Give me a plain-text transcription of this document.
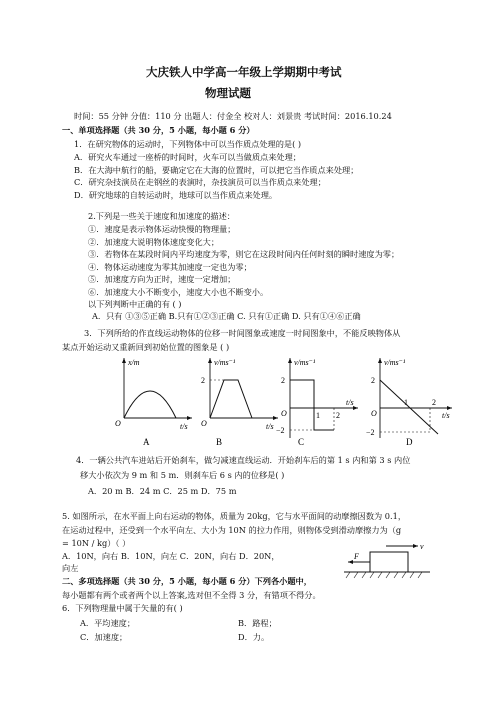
大庆铁人中学高一年级上学期期中考试
物理试题
时间：55 分钟 分值：110 分 出题人：付金全 校对人：刘景贵 考试时间：2016.10.24
一、单项选择题（共 30 分，5 小题，每小题 6 分）
1．在研究物体的运动时，下列物体中可以当作质点处理的是( )
A．研究火车通过一座桥的时间时，火车可以当做质点来处理；
B．在大海中航行的船，要确定它在大海的位置时，可以把它当作质点来处理；
C．研究杂技演员在走钢丝的表演时，杂技演员可以当作质点来处理；
D．研究地球的自转运动时，地球可以当作质点来处理。
2.下列是一些关于速度和加速度的描述：
①．速度是表示物体运动快慢的物理量；
②．加速度大说明物体速度变化大；
③．若物体在某段时间内平均速度为零，则它在这段时间内任何时刻的瞬时速度为零；
④．物体运动速度为零其加速度一定也为零；
⑤．加速度方向为正时，速度一定增加；
⑥．加速度大小不断变小，速度大小也不断变小。
以下列判断中正确的有 ( )
A．只有 ①③⑤正确 B.只有①②③正确 C. 只有①正确 D. 只有①④⑥正确
3．下列所给的作直线运动物体的位移一时间图象或速度一时间图象中，不能反映物体从
某点开始运动又重新回到初始位置的图象是 ( )
x/m
t/s
O
A
v/ms⁻¹
2
t/s
O
B
v/ms⁻¹
2
−2
1 2
t/s
O
C
v/ms⁻¹
2
−2
1	2
t/s
O
D
4．一辆公共汽车进站后开始刹车，做匀减速直线运动．开始刹车后的第 1 s 内和第 3 s 内位
移大小依次为 9 m 和 5 m．则刹车后 6 s 内的位移是( )
A．20 m B．24 m C．25 m D．75 m
5. 如图所示，在水平面上向右运动的物体，质量为 20kg，它与水平面间的动摩擦因数为 0.1，
在运动过程中，还受到一个水平向左、大小为 10N 的拉力作用，则物体受到滑动摩擦力为（g
= 10N / kg）（ ）
A．10N，向右 B．10N，向左 C．20N，向右 D．20N，
向左
F
v
二、多项选择题（共 30 分，5 小题，每小题 6 分）下列各小题中，
每小题都有两个或者两个以上答案,选对但不全得 3 分，有错项不得分。
6．下列物理量中属于矢量的有( )
A．平均速度；	B．路程；
C．加速度；	D．力。
